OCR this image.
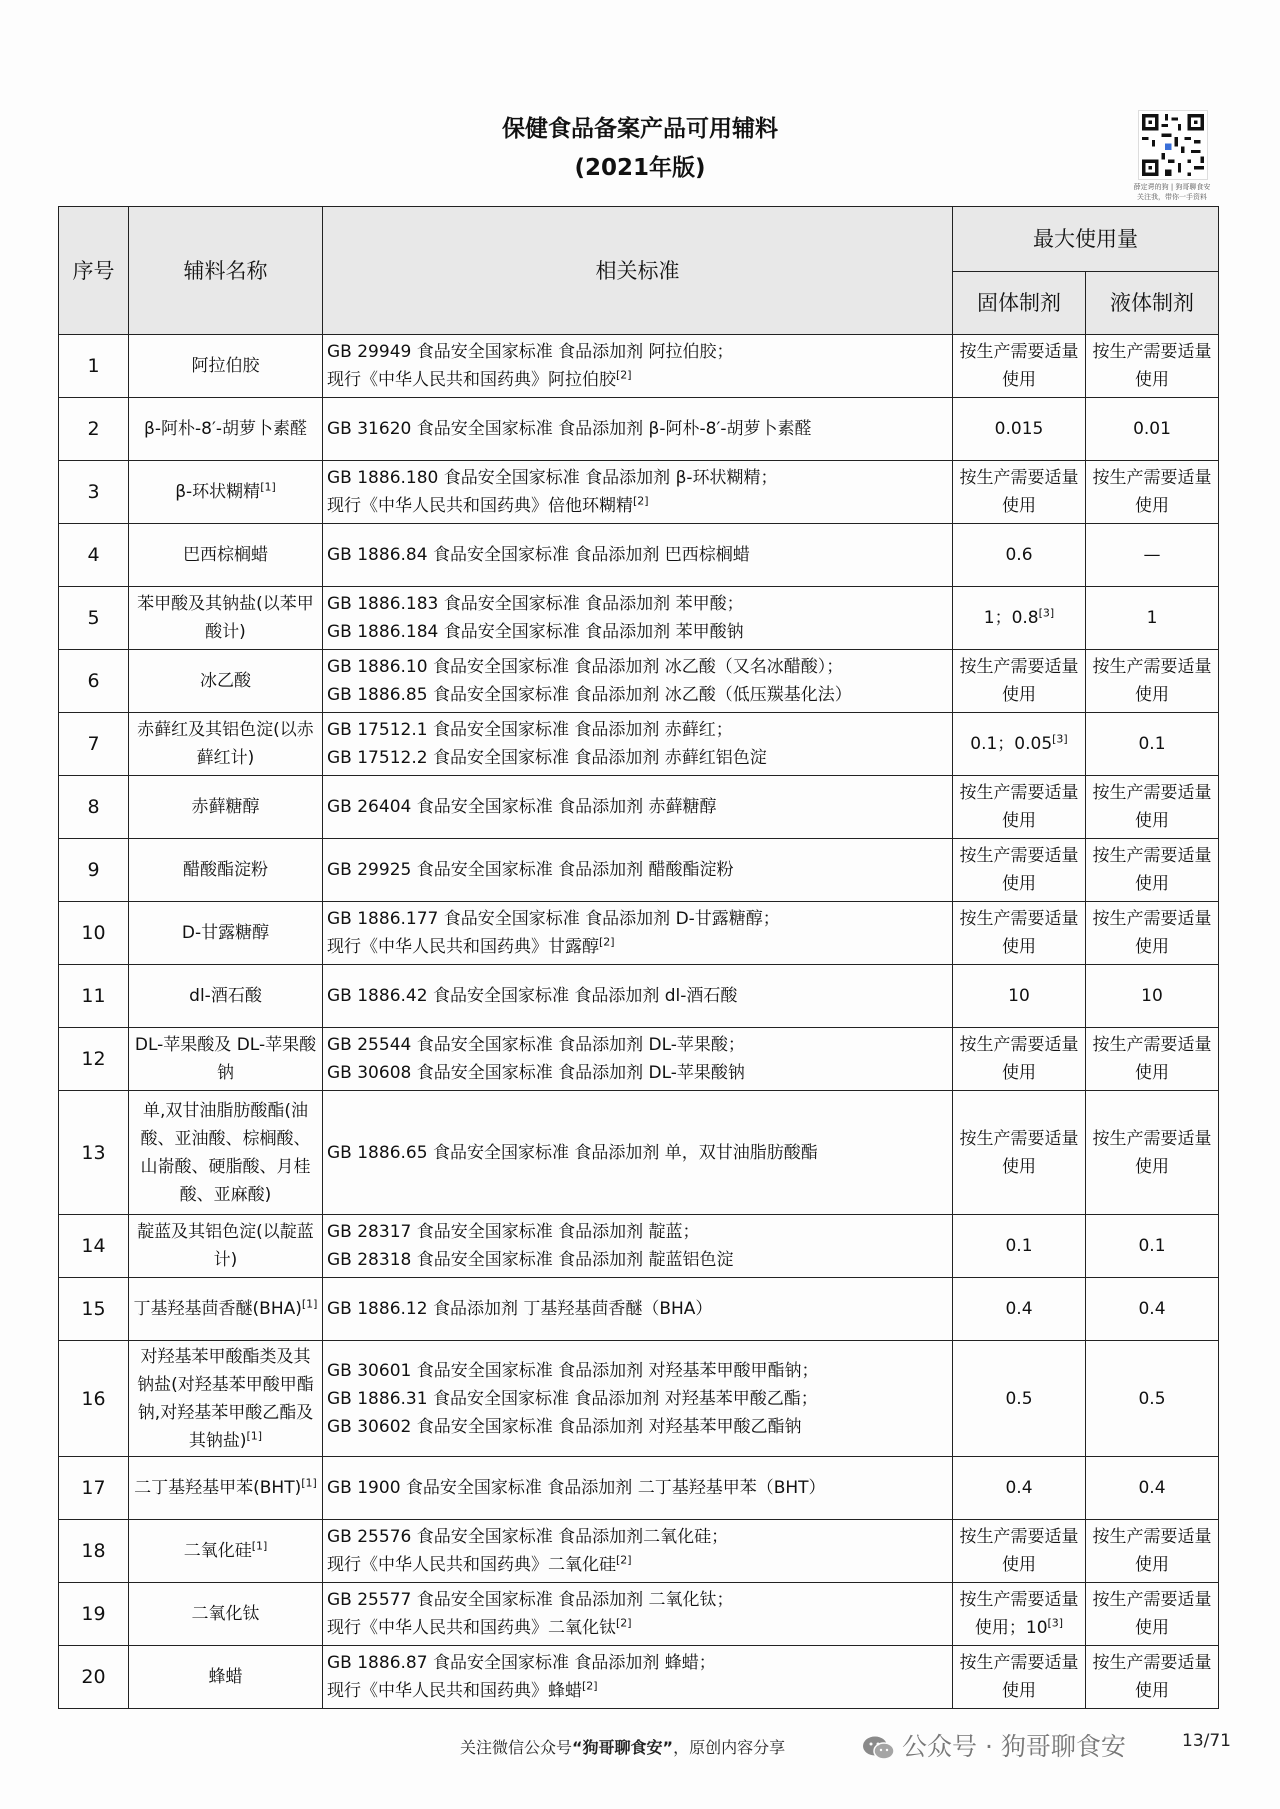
保健食品备案产品可用辅料
(2021年版)
薛定谔的狗 | 狗哥聊食安
关注我，带你一手资料
序号	辅料名称	相关标准	最大使用量	
			固体制剂	液体制剂
1	阿拉伯胶	GB 29949 食品安全国家标准 食品添加剂 阿拉伯胶；
现行《中华人民共和国药典》阿拉伯胶[2]	按生产需要适量使用	按生产需要适量使用
2	β-阿朴-8′-胡萝卜素醛	GB 31620 食品安全国家标准 食品添加剂 β-阿朴-8′-胡萝卜素醛	0.015	0.01
3	β-环状糊精[1]	GB 1886.180 食品安全国家标准 食品添加剂 β-环状糊精；
现行《中华人民共和国药典》倍他环糊精[2]	按生产需要适量使用	按生产需要适量使用
4	巴西棕榈蜡	GB 1886.84 食品安全国家标准 食品添加剂 巴西棕榈蜡	0.6	—
5	苯甲酸及其钠盐(以苯甲酸计)	GB 1886.183 食品安全国家标准 食品添加剂 苯甲酸；
GB 1886.184 食品安全国家标准 食品添加剂 苯甲酸钠	1；0.8[3]	1
6	冰乙酸	GB 1886.10 食品安全国家标准 食品添加剂 冰乙酸（又名冰醋酸）；
GB 1886.85 食品安全国家标准 食品添加剂 冰乙酸（低压羰基化法）	按生产需要适量使用	按生产需要适量使用
7	赤藓红及其铝色淀(以赤藓红计)	GB 17512.1 食品安全国家标准 食品添加剂 赤藓红；
GB 17512.2 食品安全国家标准 食品添加剂 赤藓红铝色淀	0.1；0.05[3]	0.1
8	赤藓糖醇	GB 26404 食品安全国家标准 食品添加剂 赤藓糖醇	按生产需要适量使用	按生产需要适量使用
9	醋酸酯淀粉	GB 29925 食品安全国家标准 食品添加剂 醋酸酯淀粉	按生产需要适量使用	按生产需要适量使用
10	D-甘露糖醇	GB 1886.177 食品安全国家标准 食品添加剂 D-甘露糖醇；
现行《中华人民共和国药典》甘露醇[2]	按生产需要适量使用	按生产需要适量使用
11	dl-酒石酸	GB 1886.42 食品安全国家标准 食品添加剂 dl-酒石酸	10	10
12	DL-苹果酸及 DL-苹果酸钠	GB 25544 食品安全国家标准 食品添加剂 DL-苹果酸；
GB 30608 食品安全国家标准 食品添加剂 DL-苹果酸钠	按生产需要适量使用	按生产需要适量使用
13	单,双甘油脂肪酸酯(油酸、亚油酸、棕榈酸、山嵛酸、硬脂酸、月桂酸、亚麻酸)	GB 1886.65 食品安全国家标准 食品添加剂 单，双甘油脂肪酸酯	按生产需要适量使用	按生产需要适量使用
14	靛蓝及其铝色淀(以靛蓝计)	GB 28317 食品安全国家标准 食品添加剂 靛蓝；
GB 28318 食品安全国家标准 食品添加剂 靛蓝铝色淀	0.1	0.1
15	丁基羟基茴香醚(BHA)[1]	GB 1886.12 食品添加剂 丁基羟基茴香醚（BHA）	0.4	0.4
16	对羟基苯甲酸酯类及其钠盐(对羟基苯甲酸甲酯钠,对羟基苯甲酸乙酯及其钠盐)[1]	GB 30601 食品安全国家标准 食品添加剂 对羟基苯甲酸甲酯钠；
GB 1886.31 食品安全国家标准 食品添加剂 对羟基苯甲酸乙酯；
GB 30602 食品安全国家标准 食品添加剂 对羟基苯甲酸乙酯钠	0.5	0.5
17	二丁基羟基甲苯(BHT)[1]	GB 1900 食品安全国家标准 食品添加剂 二丁基羟基甲苯（BHT）	0.4	0.4
18	二氧化硅[1]	GB 25576 食品安全国家标准 食品添加剂二氧化硅；
现行《中华人民共和国药典》二氧化硅[2]	按生产需要适量使用	按生产需要适量使用
19	二氧化钛	GB 25577 食品安全国家标准 食品添加剂 二氧化钛；
现行《中华人民共和国药典》二氧化钛[2]	按生产需要适量使用；10[3]	按生产需要适量使用
20	蜂蜡	GB 1886.87 食品安全国家标准 食品添加剂 蜂蜡；
现行《中华人民共和国药典》蜂蜡[2]	按生产需要适量使用	按生产需要适量使用
关注微信公众号“狗哥聊食安”，原创内容分享	公众号 · 狗哥聊食安	13/71
